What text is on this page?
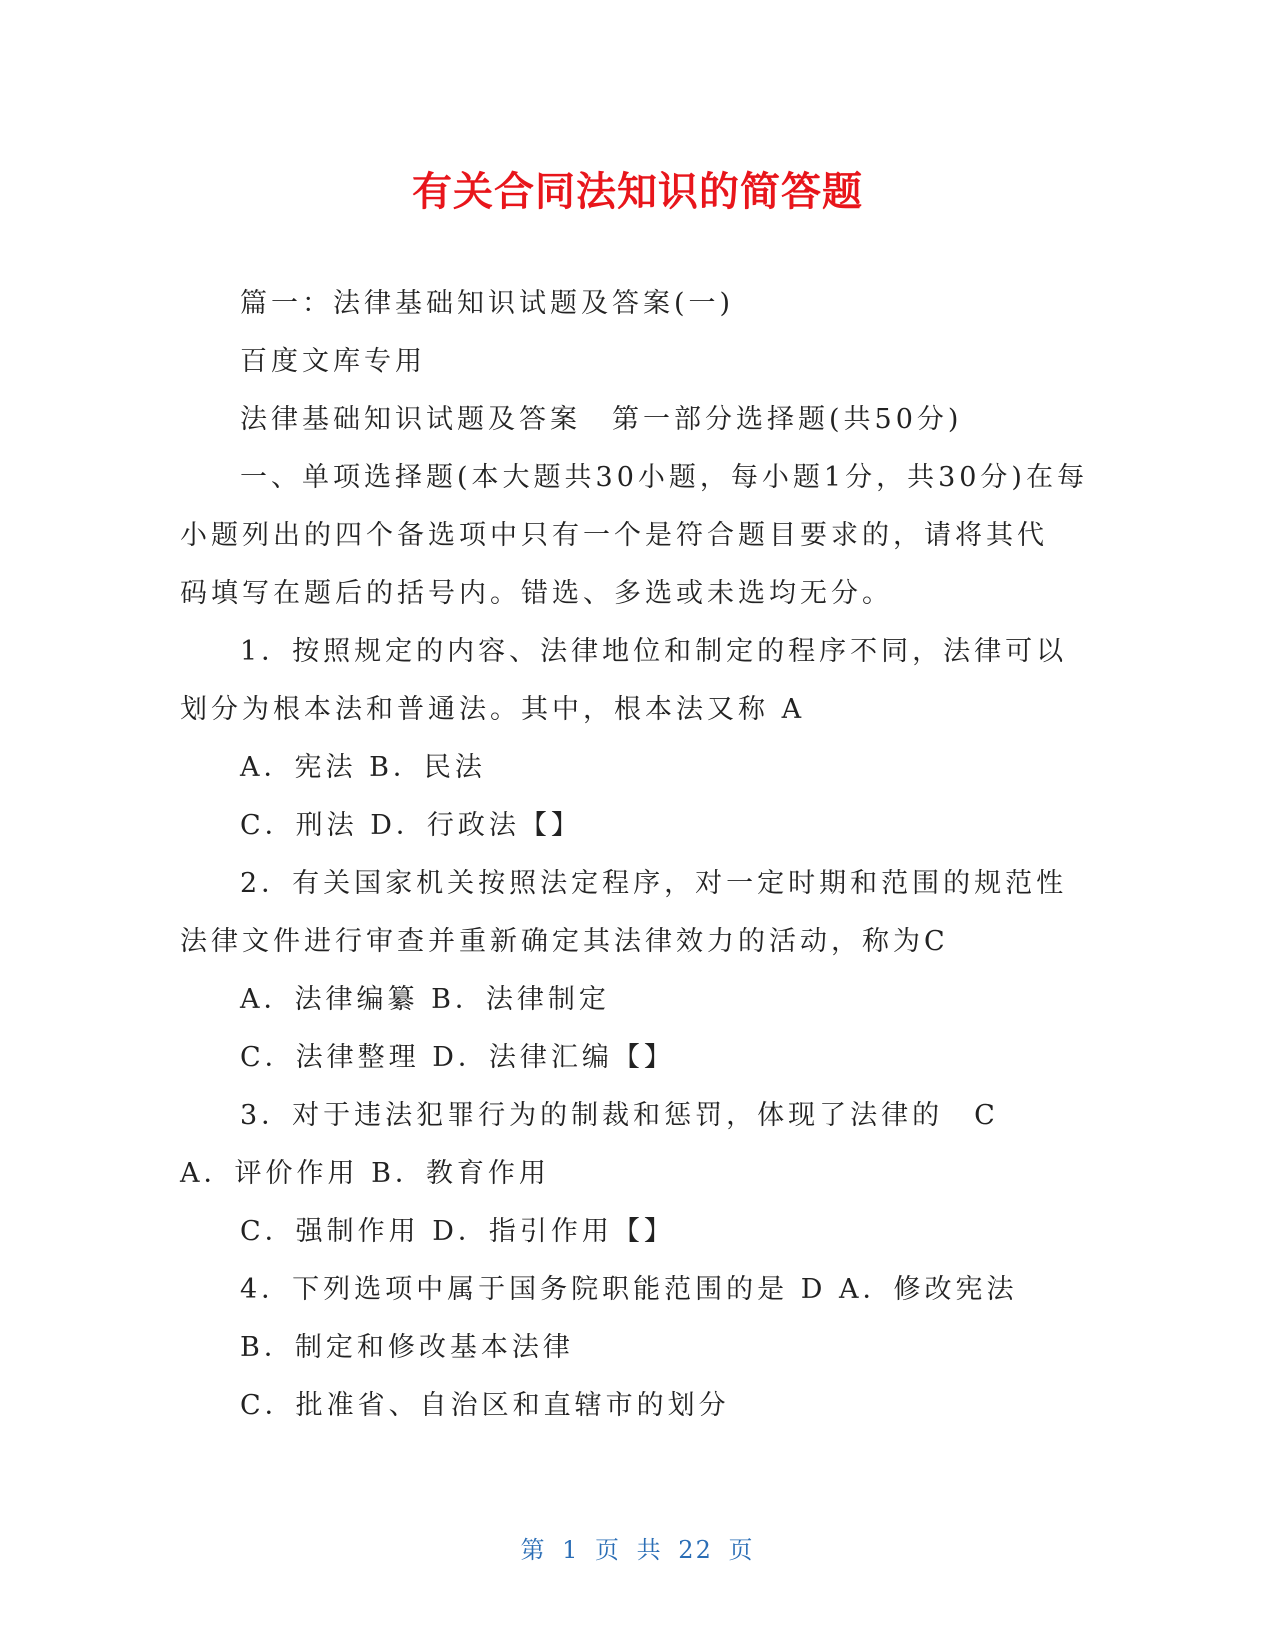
有关合同法知识的简答题
篇一：法律基础知识试题及答案(一)
百度文库专用
法律基础知识试题及答案　第一部分选择题(共50分)
一、单项选择题(本大题共30小题，每小题1分，共30分)在每
小题列出的四个备选项中只有一个是符合题目要求的，请将其代
码填写在题后的括号内。错选、多选或未选均无分。
1．按照规定的内容、法律地位和制定的程序不同，法律可以
划分为根本法和普通法。其中，根本法又称 A
A．宪法 B．民法
C．刑法 D．行政法【】
2．有关国家机关按照法定程序，对一定时期和范围的规范性
法律文件进行审查并重新确定其法律效力的活动，称为C
A．法律编纂 B．法律制定
C．法律整理 D．法律汇编【】
3．对于违法犯罪行为的制裁和惩罚，体现了法律的　C
A．评价作用 B．教育作用
C．强制作用 D．指引作用【】
4．下列选项中属于国务院职能范围的是 D A．修改宪法
B．制定和修改基本法律
C．批准省、自治区和直辖市的划分
第 1 页 共 22 页
